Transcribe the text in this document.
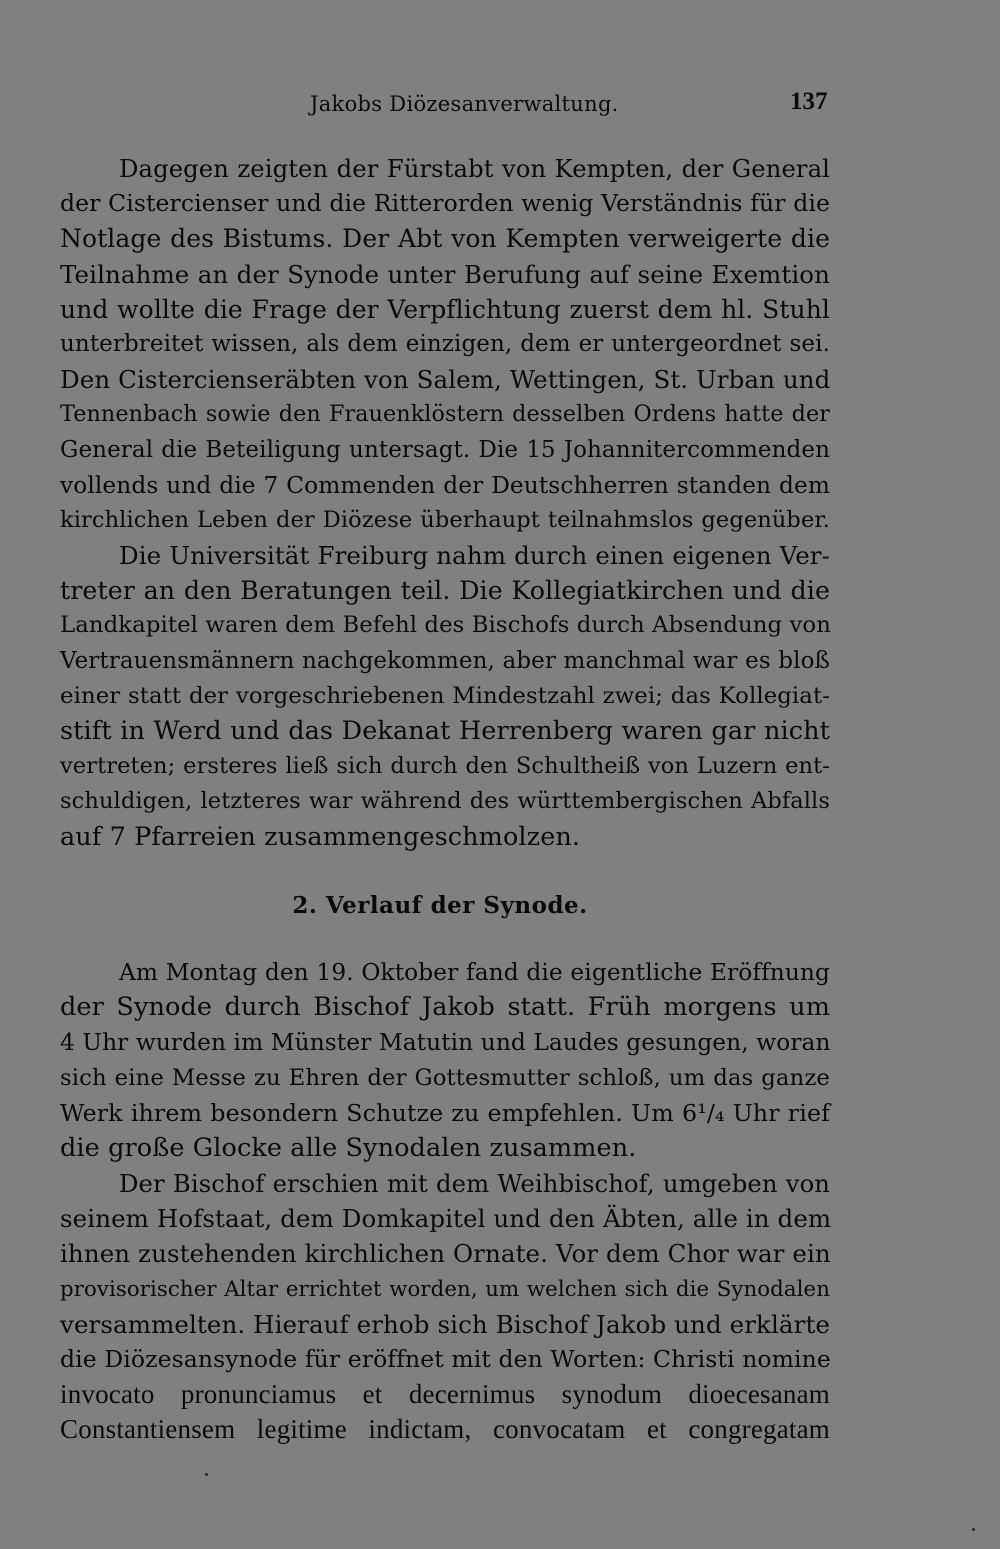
Jakobs Diözesanverwaltung.	137
Dagegen zeigten der Fürstabt von Kempten, der General
der Cistercienser und die Ritterorden wenig Verständnis für die
Notlage des Bistums. Der Abt von Kempten verweigerte die
Teilnahme an der Synode unter Berufung auf seine Exemtion
und wollte die Frage der Verpflichtung zuerst dem hl. Stuhl
unterbreitet wissen, als dem einzigen, dem er untergeordnet sei.
Den Cistercienseräbten von Salem, Wettingen, St. Urban und
Tennenbach sowie den Frauenklöstern desselben Ordens hatte der
General die Beteiligung untersagt. Die 15 Johannitercommenden
vollends und die 7 Commenden der Deutschherren standen dem
kirchlichen Leben der Diözese überhaupt teilnahmslos gegenüber.
Die Universität Freiburg nahm durch einen eigenen Ver-
treter an den Beratungen teil. Die Kollegiatkirchen und die
Landkapitel waren dem Befehl des Bischofs durch Absendung von
Vertrauensmännern nachgekommen, aber manchmal war es bloß
einer statt der vorgeschriebenen Mindestzahl zwei; das Kollegiat-
stift in Werd und das Dekanat Herrenberg waren gar nicht
vertreten; ersteres ließ sich durch den Schultheiß von Luzern ent-
schuldigen, letzteres war während des württembergischen Abfalls
auf 7 Pfarreien zusammengeschmolzen.
2. Verlauf der Synode.
Am Montag den 19. Oktober fand die eigentliche Eröffnung
der Synode durch Bischof Jakob statt. Früh morgens um
4 Uhr wurden im Münster Matutin und Laudes gesungen, woran
sich eine Messe zu Ehren der Gottesmutter schloß, um das ganze
Werk ihrem besondern Schutze zu empfehlen. Um 6¹/₄ Uhr rief
die große Glocke alle Synodalen zusammen.
Der Bischof erschien mit dem Weihbischof, umgeben von
seinem Hofstaat, dem Domkapitel und den Äbten, alle in dem
ihnen zustehenden kirchlichen Ornate. Vor dem Chor war ein
provisorischer Altar errichtet worden, um welchen sich die Synodalen
versammelten. Hierauf erhob sich Bischof Jakob und erklärte
die Diözesansynode für eröffnet mit den Worten: Christi nomine
invocato pronunciamus et decernimus synodum dioecesanam
Constantiensem legitime indictam, convocatam et congregatam
